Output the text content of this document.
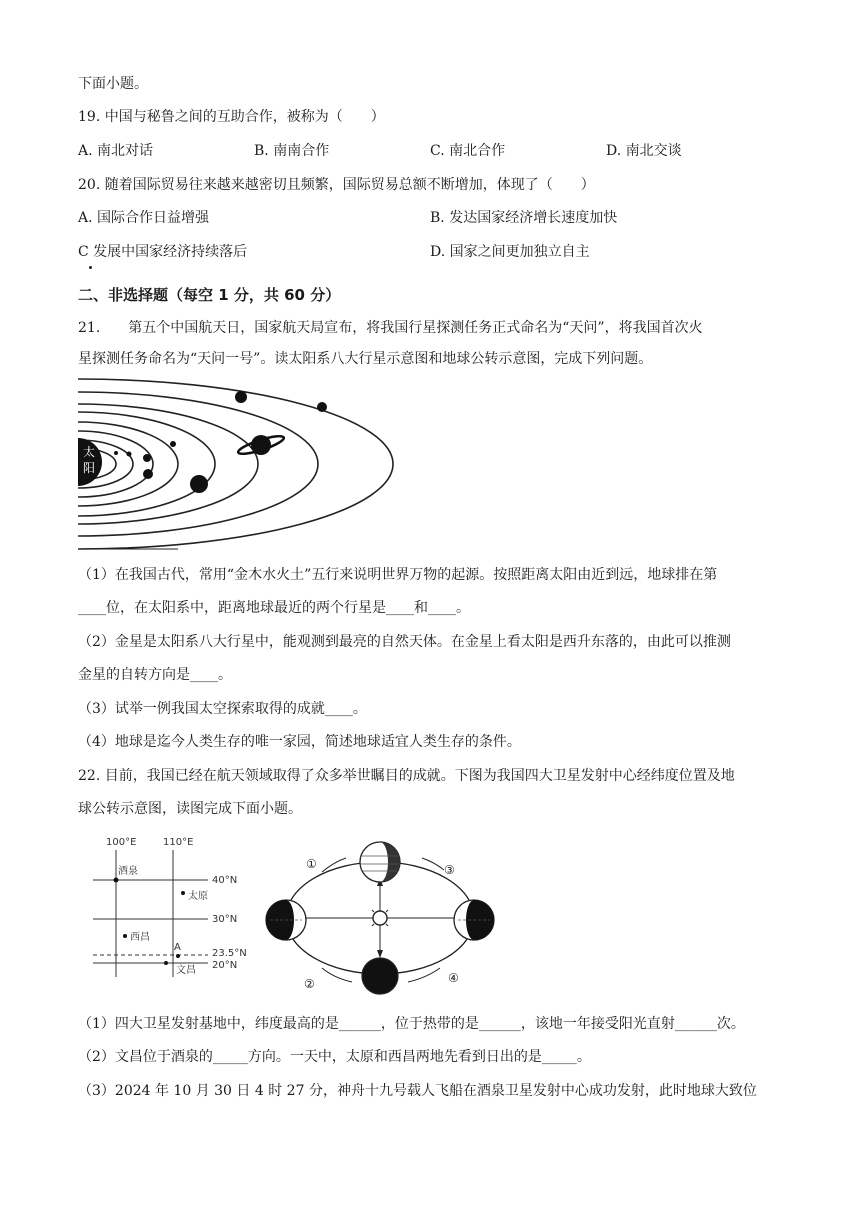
下面小题。
19. 中国与秘鲁之间的互助合作，被称为（　　）
A. 南北对话	B. 南南合作	C. 南北合作	D. 南北交谈
20. 随着国际贸易往来越来越密切且频繁，国际贸易总额不断增加，体现了（　　）
A. 国际合作日益增强	B. 发达国家经济增长速度加快
C 发展中国家经济持续落后	D. 国家之间更加独立自主
二、非选择题（每空 1 分，共 60 分）
21.　　第五个中国航天日，国家航天局宣布，将我国行星探测任务正式命名为“天问”，将我国首次火
星探测任务命名为“天问一号”。读太阳系八大行星示意图和地球公转示意图，完成下列问题。
太
阳
（1）在我国古代，常用“金木水火土”五行来说明世界万物的起源。按照距离太阳由近到远，地球排在第
____位，在太阳系中，距离地球最近的两个行星是____和____。
（2）金星是太阳系八大行星中，能观测到最亮的自然天体。在金星上看太阳是西升东落的，由此可以推测
金星的自转方向是____。
（3）试举一例我国太空探索取得的成就____。
（4）地球是迄今人类生存的唯一家园，简述地球适宜人类生存的条件。
22. 目前，我国已经在航天领域取得了众多举世瞩目的成就。下图为我国四大卫星发射中心经纬度位置及地
球公转示意图，读图完成下面小题。
100°E	110°E
40°N
30°N
23.5°N
20°N
酒泉
太原
西昌
文昌
A
①
②
③
④
（1）四大卫星发射基地中，纬度最高的是______，位于热带的是______，该地一年接受阳光直射______次。
（2）文昌位于酒泉的_____方向。一天中，太原和西昌两地先看到日出的是_____。
（3）2024 年 10 月 30 日 4 时 27 分，神舟十九号载人飞船在酒泉卫星发射中心成功发射，此时地球大致位
